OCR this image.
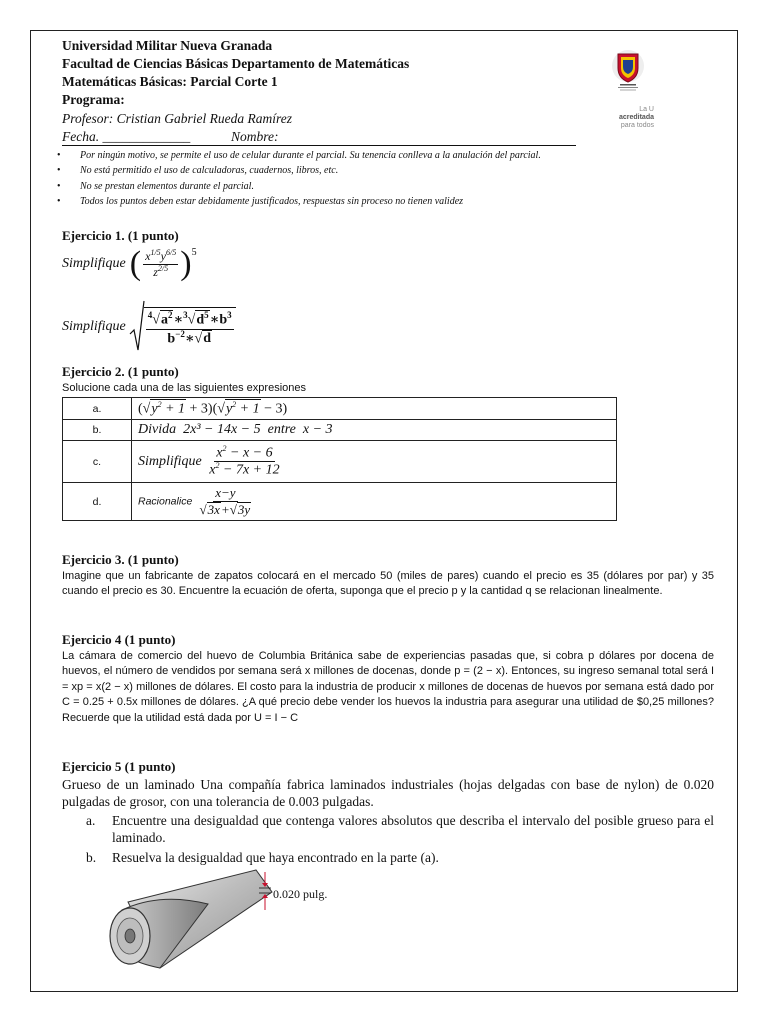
Universidad Militar Nueva Granada
Facultad de Ciencias Básicas Departamento de Matemáticas
Matemáticas Básicas: Parcial Corte 1
Programa:
Profesor: Cristian Gabriel Rueda Ramírez
Fecha. _____________	Nombre:
La U
acreditada
para todos
• Por ningún motivo, se permite el uso de celular durante el parcial. Su tenencia conlleva a la anulación del parcial.
• No está permitido el uso de calculadoras, cuadernos, libros, etc.
• No se prestan elementos durante el parcial.
• Todos los puntos deben estar debidamente justificados, respuestas sin proceso no tienen validez
Ejercicio 1. (1 punto)
Simplifique ( $\frac{x^{1/5}y^{6/5}}{z^{2/5}} )^5$
Simplifique $\frac{^4√a^2∗^3√d^5∗b^3}{b^{-2}∗√d}$
Ejercicio 2. (1 punto)
Solucione cada una de las siguientes expresiones
a.	$(√y^2 + 1 + 3)(√y^2 + 1 - 3)$
b.	Divida 2x³ − 14x − 5 entre x − 3
c.	Simplifique $\frac{x^2 - x - 6}{x^2 - 7x + 12}$

d.	Racionalice $\frac{x-y}{√3x+√3y}$
Ejercicio 3. (1 punto)
Imagine que un fabricante de zapatos colocará en el mercado 50 (miles de pares) cuando el precio es 35 (dólares por par) y 35 cuando el precio es 30. Encuentre la ecuación de oferta, suponga que el precio p y la cantidad q se relacionan linealmente.
Ejercicio 4 (1 punto)
La cámara de comercio del huevo de Columbia Británica sabe de experiencias pasadas que, si cobra p dólares por docena de huevos, el número de vendidos por semana será x millones de docenas, donde p = (2 − x). Entonces, su ingreso semanal total será I = xp = x(2 − x) millones de dólares. El costo para la industria de producir x millones de docenas de huevos por semana está dado por C = 0.25 + 0.5x millones de dólares. ¿A qué precio debe vender los huevos la industria para asegurar una utilidad de $0,25 millones? Recuerde que la utilidad está dada por U = I − C
Ejercicio 5 (1 punto)
Grueso de un laminado Una compañía fabrica laminados industriales (hojas delgadas con base de nylon) de 0.020 pulgadas de grosor, con una tolerancia de 0.003 pulgadas.
a. Encuentre una desigualdad que contenga valores absolutos que describa el intervalo del posible grueso para el laminado.
b. Resuelva la desigualdad que haya encontrado en la parte (a).
0.020 pulg.
